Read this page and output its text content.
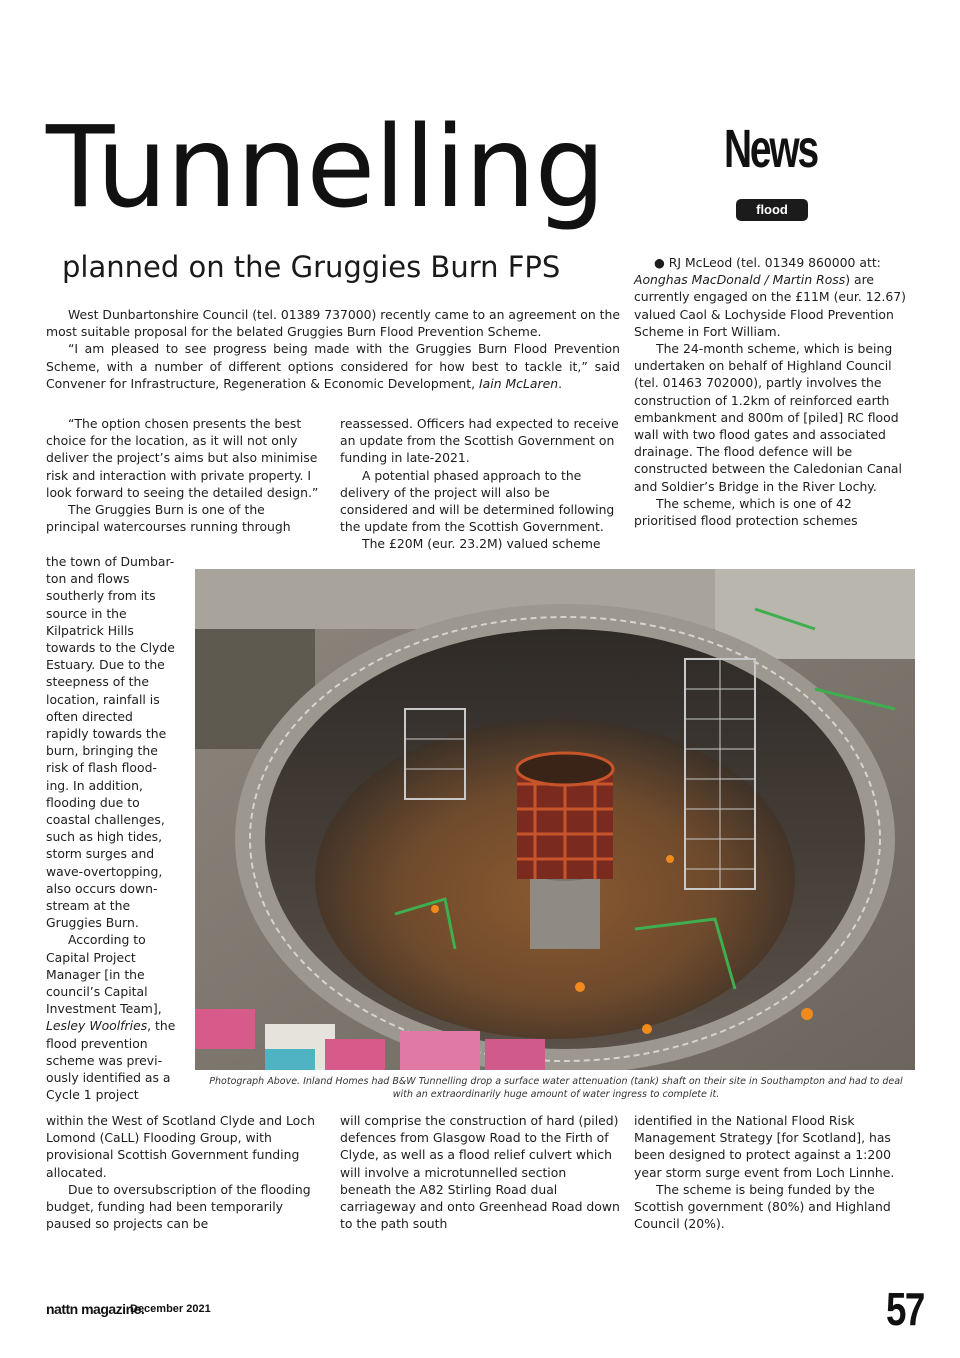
Tunnelling
planned on the Gruggies Burn FPS
News
flood

West Dunbartonshire Council (tel. 01389 737000) recently came to an agreement on the most suitable proposal for the belated Gruggies Burn Flood Prevention Scheme.

“I am pleased to see progress being made with the Gruggies Burn Flood Prevention Scheme, with a number of different options considered for how best to tackle it,” said Convener for Infrastructure, Regeneration & Economic Development, Iain McLaren.

“The option chosen presents the best choice for the location, as it will not only deliver the project’s aims but also minimise risk and interaction with private property. I look forward to seeing the detailed design.”

The Gruggies Burn is one of the principal watercourses running through

the town of Dumbar-
ton and flows
southerly from its
source in the
Kilpatrick Hills
towards to the Clyde
Estuary. Due to the
steepness of the
location, rainfall is
often directed
rapidly towards the
burn, bringing the
risk of flash flood-
ing. In addition,
flooding due to
coastal challenges,
such as high tides,
storm surges and
wave-overtopping,
also occurs down-
stream at the
Gruggies Burn.
According to
Capital Project
Manager [in the
council’s Capital
Investment Team],
Lesley Woolfries, the
flood prevention
scheme was previ-
ously identified as a
Cycle 1 project

within the West of Scotland Clyde and Loch Lomond (CaLL) Flooding Group, with provisional Scottish Government funding allocated.

Due to oversubscription of the flooding budget, funding had been temporarily paused so projects can be

reassessed. Officers had expected to receive an update from the Scottish Government on funding in late-2021.

A potential phased approach to the delivery of the project will also be considered and will be determined following the update from the Scottish Government.

The £20M (eur. 23.2M) valued scheme

will comprise the construction of hard (piled) defences from Glasgow Road to the Firth of Clyde, as well as a flood relief culvert which will involve a microtunnelled section beneath the A82 Stirling Road dual carriageway and onto Greenhead Road down to the path south

● RJ McLeod (tel. 01349 860000 att: Aonghas MacDonald / Martin Ross) are currently engaged on the £11M (eur. 12.67) valued Caol & Lochyside Flood Prevention Scheme in Fort William.

The 24-month scheme, which is being undertaken on behalf of Highland Council (tel. 01463 702000), partly involves the construction of 1.2km of reinforced earth embankment and 800m of [piled] RC flood wall with two flood gates and associated drainage. The flood defence will be constructed between the Caledonian Canal and Soldier’s Bridge in the River Lochy.

The scheme, which is one of 42 prioritised flood protection schemes

identified in the National Flood Risk Management Strategy [for Scotland], has been designed to protect against a 1:200 year storm surge event from Loch Linnhe.

The scheme is being funded by the Scottish government (80%) and Highland Council (20%).

Photograph Above. Inland Homes had B&W Tunnelling drop a surface water attenuation (tank) shaft on their site in Southampton and had to deal with an extraordinarily huge amount of water ingress to complete it.
nattn magazine.
December 2021	57
